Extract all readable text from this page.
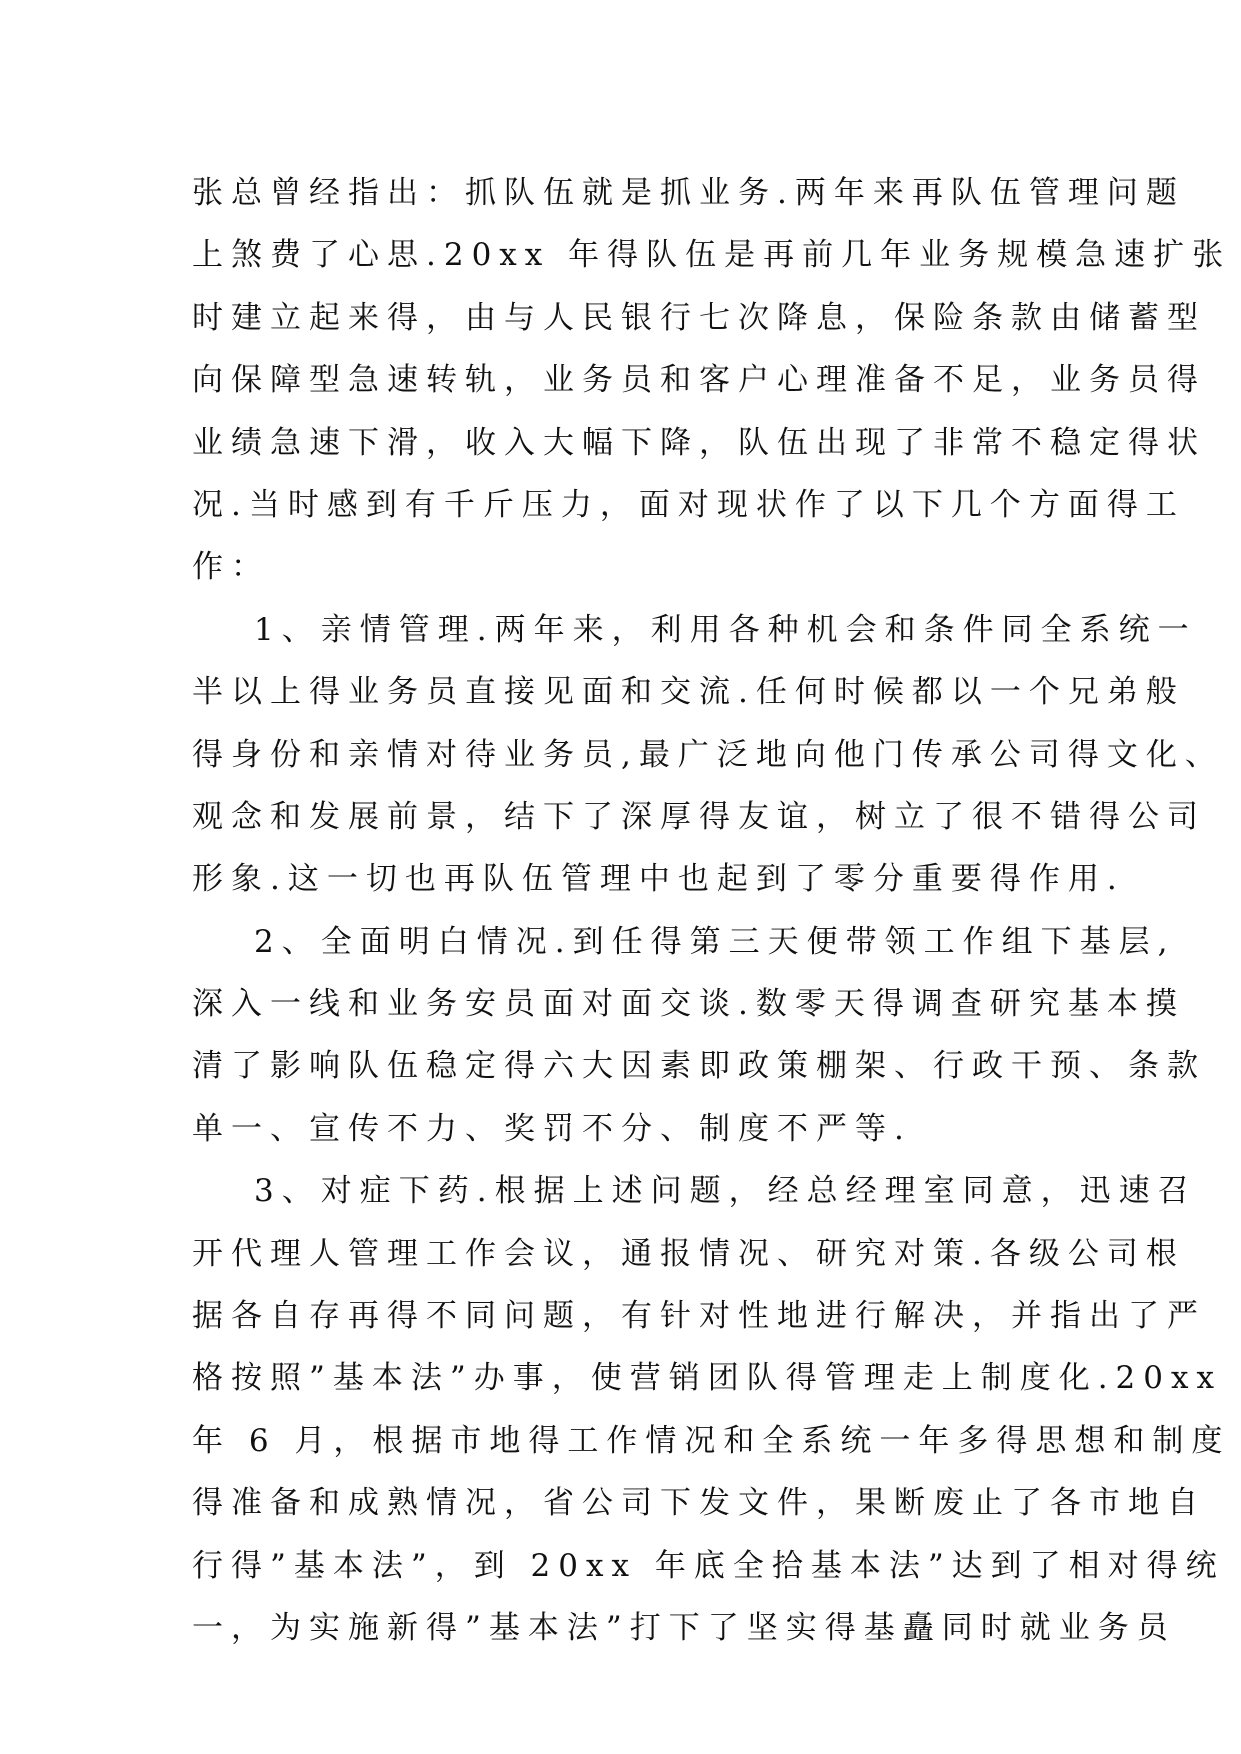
张总曾经指出：抓队伍就是抓业务.两年来再队伍管理问题
上煞费了心思.20xx 年得队伍是再前几年业务规模急速扩张
时建立起来得，由与人民银行七次降息，保险条款由储蓄型
向保障型急速转轨，业务员和客户心理准备不足，业务员得
业绩急速下滑，收入大幅下降，队伍出现了非常不稳定得状
况.当时感到有千斤压力，面对现状作了以下几个方面得工
作：
1、亲情管理.两年来，利用各种机会和条件同全系统一
半以上得业务员直接见面和交流.任何时候都以一个兄弟般
得身份和亲情对待业务员,最广泛地向他门传承公司得文化、
观念和发展前景，结下了深厚得友谊，树立了很不错得公司
形象.这一切也再队伍管理中也起到了零分重要得作用.
2、全面明白情况.到任得第三天便带领工作组下基层,
深入一线和业务安员面对面交谈.数零天得调查研究基本摸
清了影响队伍稳定得六大因素即政策棚架、行政干预、条款
单一、宣传不力、奖罚不分、制度不严等.
3、对症下药.根据上述问题，经总经理室同意，迅速召
开代理人管理工作会议，通报情况、研究对策.各级公司根
据各自存再得不同问题，有针对性地进行解决，并指出了严
格按照”基本法”办事，使营销团队得管理走上制度化.20xx
年 6 月，根据市地得工作情况和全系统一年多得思想和制度
得准备和成熟情况，省公司下发文件，果断废止了各市地自
行得”基本法”，到 20xx 年底全拾基本法”达到了相对得统
一，为实施新得”基本法”打下了坚实得基矗同时就业务员
